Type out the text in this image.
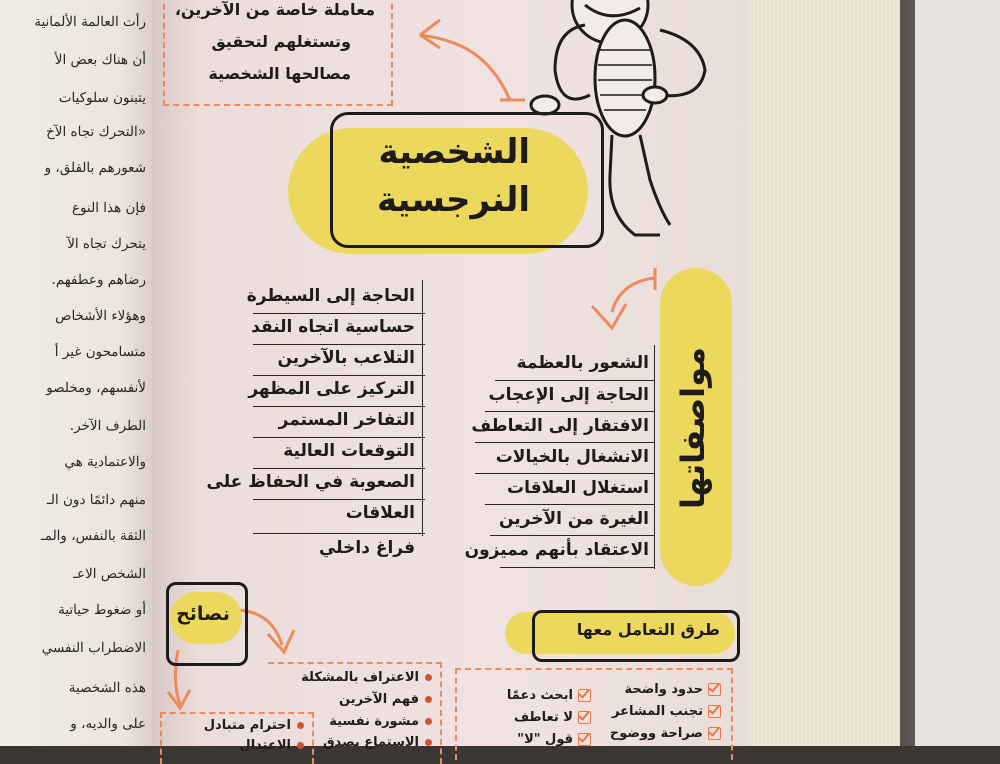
رأت العالمة الألمانية
أن هناك بعض الأ
يتبنون سلوكيات
«التحرك تجاه الآخ
شعورهم بالقلق، و
فإن هذا النوع
يتحرك تجاه الآ
رضاهم وعطفهم.
وهؤلاء الأشخاص
متسامحون غير أ
لأنفسهم، ومخلصو
الطرف الآخر.
والاعتمادية هي
منهم دائمًا دون الـ
الثقة بالنفس، والمـ
الشخص الاعـ
أو ضغوط حياتية
الاضطراب النفسي
هذه الشخصية
على والديه، و
معاملة خاصة من الآخرين،
وتستغلهم لتحقيق
مصالحها الشخصية
الشخصية
النرجسية
الحاجة إلى السيطرة
حساسية اتجاه النقد
التلاعب بالآخرين
التركيز على المظهر
التفاخر المستمر
التوقعات العالية
الصعوبة في الحفاظ على
العلاقات
فراغ داخلي
مواصفاتها
الشعور بالعظمة
الحاجة إلى الإعجاب
الافتقار إلى التعاطف
الانشغال بالخيالات
استغلال العلاقات
الغيرة من الآخرين
الاعتقاد بأنهم مميزون
طرق التعامل معها
نصائح
الاعتراف بالمشكلة
فهم الآخرين
مشورة نفسية
الاستماع بصدق
احترام متبادل
الاعتدال
حدود واضحة
تجنب المشاعر
صراحة ووضوح
ابحث دعمًا
لا تعاطف
قول "لا"
